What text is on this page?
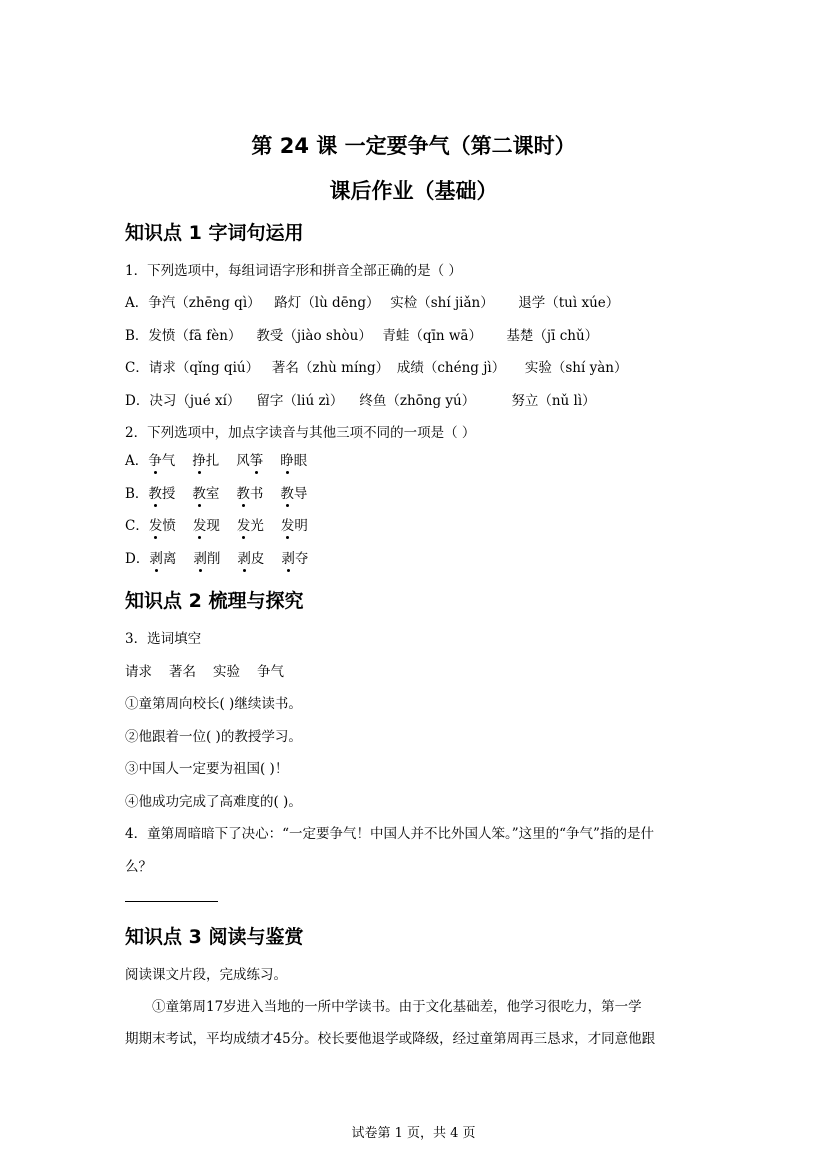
第 24 课 一定要争气（第二课时）
课后作业（基础）
知识点 1 字词句运用
1．下列选项中，每组词语字形和拼音全部正确的是（ ）
A．争汽（zhēng qì） 路灯（lù dēng） 实检（shí jiǎn） 退学（tuì xúe）
B．发愤（fā fèn） 教受（jiào shòu） 青蛙（qīn wā） 基楚（jī chǔ）
C．请求（qǐng qiú） 著名（zhù míng） 成绩（chéng jì） 实验（shí yàn）
D．决习（jué xí） 留字（liú zì） 终鱼（zhōng yú）	努立（nǔ lì）
2．下列选项中，加点字读音与其他三项不同的一项是（ ）
A．争气 挣扎 风筝 睁眼
B．教授 教室 教书 教导
C．发愤 发现 发光 发明
D．剥离 剥削 剥皮 剥夺
知识点 2 梳理与探究
3．选词填空
请求 著名 实验 争气
①童第周向校长( )继续读书。
②他跟着一位( )的教授学习。
③中国人一定要为祖国( )！
④他成功完成了高难度的( )。
4．童第周暗暗下了决心：“一定要争气！中国人并不比外国人笨。”这里的“争气”指的是什
么？
知识点 3 阅读与鉴赏
阅读课文片段，完成练习。
①童第周17岁进入当地的一所中学读书。由于文化基础差，他学习很吃力，第一学
期期末考试，平均成绩才45分。校长要他退学或降级，经过童第周再三恳求，才同意他跟
试卷第 1 页，共 4 页
